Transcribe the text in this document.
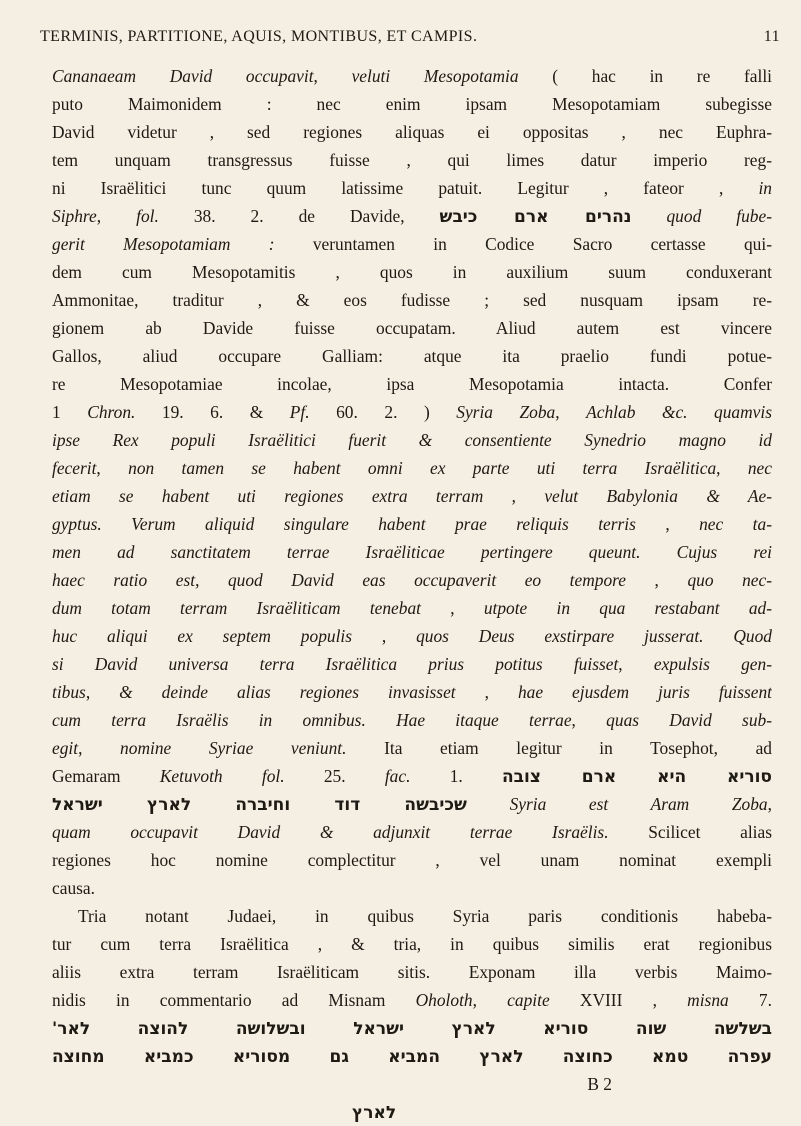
TERMINIS, PARTITIONE, AQUIS, MONTIBUS, ET CAMPIS.	11
Cananaeam David occupavit, veluti Mesopotamia ( hac in re falli
puto Maimonidem : nec enim ipsam Mesopotamiam subegisse
David videtur , sed regiones aliquas ei oppositas , nec Euphra-
tem unquam transgressus fuisse , qui limes datur imperio reg-
ni Israëlitici tunc quum latissime patuit. Legitur , fateor , in
Siphre, fol. 38. 2. de Davide, נהרים ארם כיבש quod fube-
gerit Mesopotamiam : veruntamen in Codice Sacro certasse qui-
dem cum Mesopotamitis , quos in auxilium suum conduxerant
Ammonitae, traditur , & eos fudisse ; sed nusquam ipsam re-
gionem ab Davide fuisse occupatam. Aliud autem est vincere
Gallos, aliud occupare Galliam: atque ita praelio fundi potue-
re Mesopotamiae incolae, ipsa Mesopotamia intacta. Confer
1 Chron. 19. 6. & Pf. 60. 2. ) Syria Zoba, Achlab &c. quamvis
ipse Rex populi Israëlitici fuerit & consentiente Synedrio magno id
fecerit, non tamen se habent omni ex parte uti terra Israëlitica, nec
etiam se habent uti regiones extra terram , velut Babylonia & Ae-
gyptus. Verum aliquid singulare habent prae reliquis terris , nec ta-
men ad sanctitatem terrae Israëliticae pertingere queunt. Cujus rei
haec ratio est, quod David eas occupaverit eo tempore , quo nec-
dum totam terram Israëliticam tenebat , utpote in qua restabant ad-
huc aliqui ex septem populis , quos Deus exstirpare jusserat. Quod
si David universa terra Israëlitica prius potitus fuisset, expulsis gen-
tibus, & deinde alias regiones invasisset , hae ejusdem juris fuissent
cum terra Israëlis in omnibus. Hae itaque terrae, quas David sub-
egit, nomine Syriae veniunt. Ita etiam legitur in Tosephot, ad
Gemaram Ketuvoth fol. 25. fac. 1. סוריא היא ארם צובה
שכיבשה דוד וחיברה לארץ ישראל Syria est Aram Zoba,
quam occupavit David & adjunxit terrae Israëlis. Scilicet alias
regiones hoc nomine complectitur , vel unam nominat exempli
causa.
Tria notant Judaei, in quibus Syria paris conditionis habeba-
tur cum terra Israëlitica , & tria, in quibus similis erat regionibus
aliis extra terram Israëliticam sitis. Exponam illa verbis Maimo-
nidis in commentario ad Misnam Oholoth, capite XVIII , misna 7.
בשלשה שוה סוריא לארץ ישראל ובשלושה להוצה לאר'
עפרה טמא כחוצה לארץ המביא גם מסוריא כמביא מחוצה
B 2
לארץ
